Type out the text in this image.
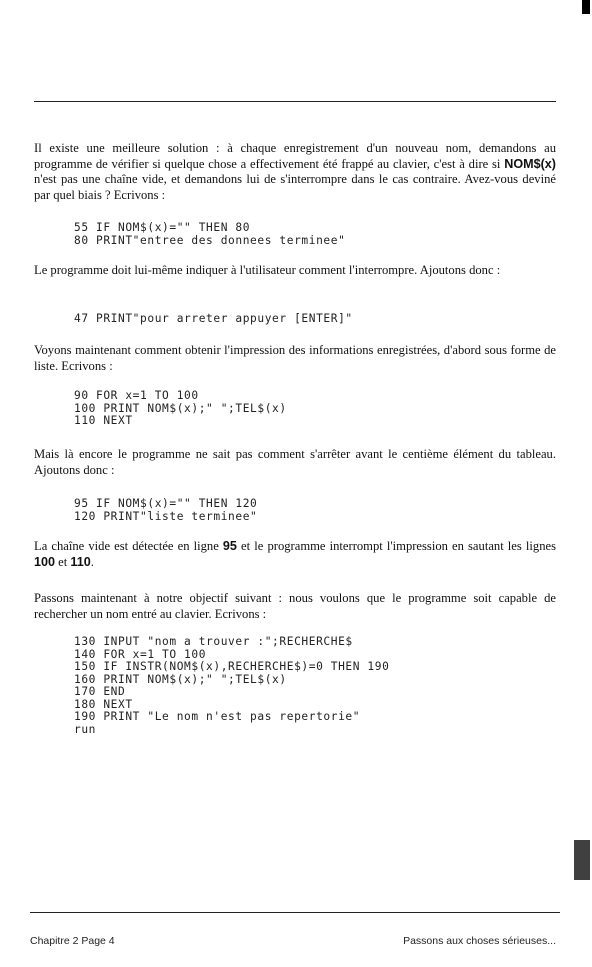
Il existe une meilleure solution : à chaque enregistrement d'un nouveau nom, demandons au programme de vérifier si quelque chose a effectivement été frappé au clavier, c'est à dire si NOM$(x) n'est pas une chaîne vide, et demandons lui de s'interrompre dans le cas contraire. Avez-vous deviné par quel biais ? Ecrivons :

55 IF NOM$(x)="" THEN 80
80 PRINT"entree des donnees terminee"

Le programme doit lui-même indiquer à l'utilisateur comment l'interrompre. Ajoutons donc :

47 PRINT"pour arreter appuyer [ENTER]"

Voyons maintenant comment obtenir l'impression des informations enregistrées, d'abord sous forme de liste. Ecrivons :

90 FOR x=1 TO 100
100 PRINT NOM$(x);" ";TEL$(x)
110 NEXT

Mais là encore le programme ne sait pas comment s'arrêter avant le centième élément du tableau. Ajoutons donc :

95 IF NOM$(x)="" THEN 120
120 PRINT"liste terminee"

La chaîne vide est détectée en ligne 95 et le programme interrompt l'impression en sautant les lignes 100 et 110.

Passons maintenant à notre objectif suivant : nous voulons que le programme soit capable de rechercher un nom entré au clavier. Ecrivons :

130 INPUT "nom a trouver :";RECHERCHE$
140 FOR x=1 TO 100
150 IF INSTR(NOM$(x),RECHERCHE$)=0 THEN 190
160 PRINT NOM$(x);" ";TEL$(x)
170 END
180 NEXT
190 PRINT "Le nom n'est pas repertorie"
run
Chapitre 2 Page 4	Passons aux choses sérieuses...
